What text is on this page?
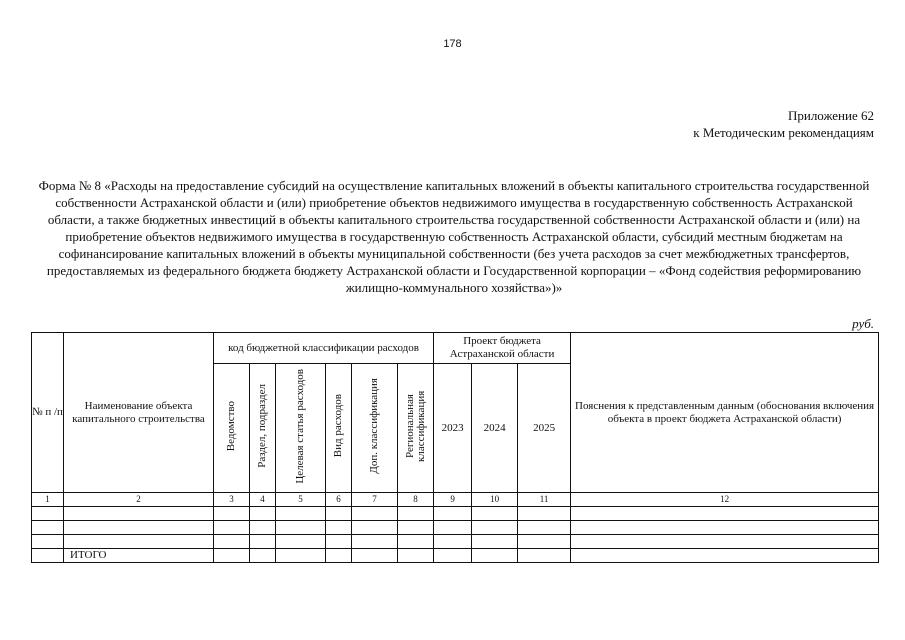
178
Приложение 62
к Методическим рекомендациям
Форма № 8 «Расходы на предоставление субсидий на осуществление капитальных вложений в объекты капитального строительства государственной собственности Астраханской области и (или) приобретение объектов недвижимого имущества в государственную собственность Астраханской области, а также бюджетных инвестиций в объекты капитального строительства государственной собственности Астраханской области и (или) на приобретение объектов недвижимого имущества в государственную собственность Астраханской области, субсидий местным бюджетам на софинансирование капитальных вложений в объекты муниципальной собственности (без учета расходов за счет межбюджетных трансфертов, предоставляемых из федерального бюджета бюджету Астраханской области и Государственной корпорации – «Фонд содействия реформированию жилищно-коммунального хозяйства»)»
руб.
№ п /п	Наименование объекта капитального строительства	код бюджетной классификации расходов						Проект бюджета Астраханской области			Пояснения к представленным данным (обоснования включения объекта в проект бюджета Астраханской области)
		Ведомство	Раздел, подраздел	Целевая статья расходов	Вид расходов	Доп. классификация	Региональная классификация	2023	2024	2025	
1	2	3	4	5	6	7	8	9	10	11	12

	ИТОГО										
